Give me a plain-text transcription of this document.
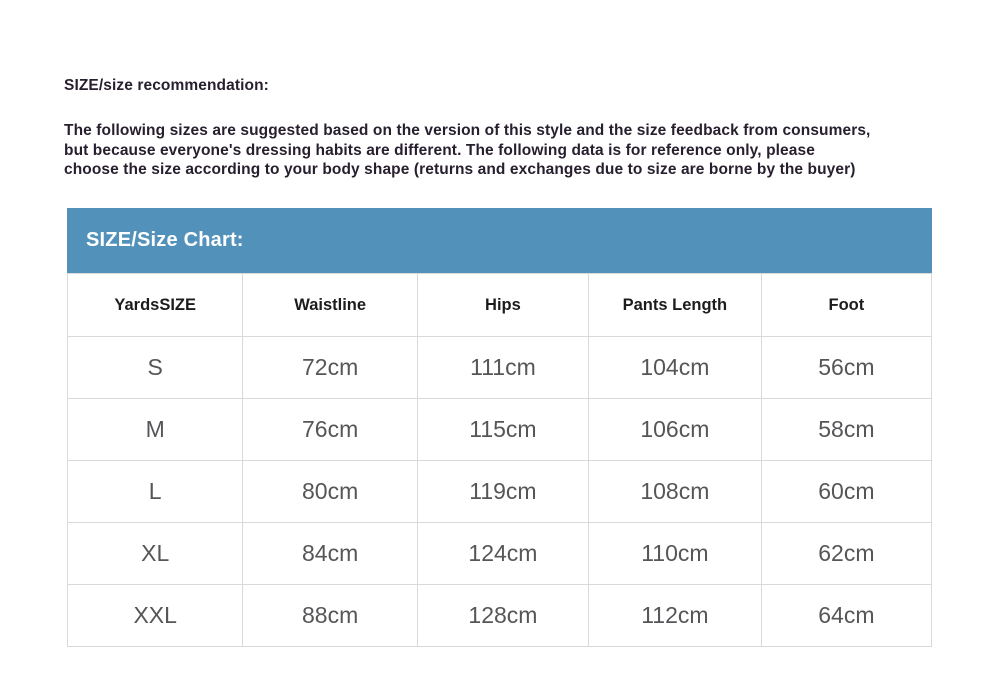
SIZE/size recommendation:
The following sizes are suggested based on the version of this style and the size feedback from consumers,
but because everyone's dressing habits are different. The following data is for reference only, please
choose the size according to your body shape (returns and exchanges due to size are borne by the buyer)
SIZE/Size Chart:
YardsSIZE	Waistline	Hips	Pants Length	Foot
S	72cm	111cm	104cm	56cm
M	76cm	115cm	106cm	58cm
L	80cm	119cm	108cm	60cm
XL	84cm	124cm	110cm	62cm
XXL	88cm	128cm	112cm	64cm
